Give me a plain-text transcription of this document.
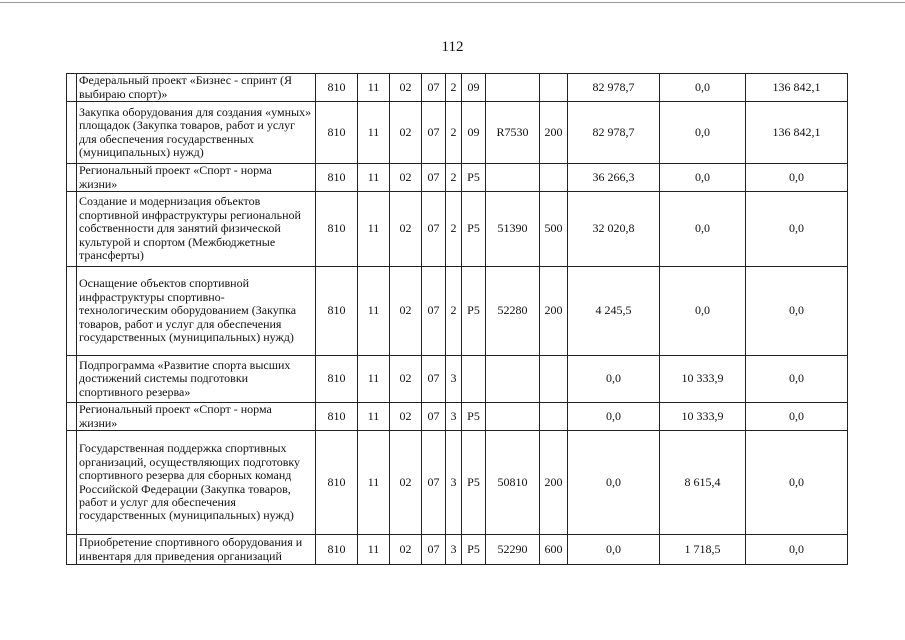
112
	Федеральный проект «Бизнес - спринт (Я выбираю спорт)»	810	11	02	07	2	09			82 978,7	0,0	136 842,1
	Закупка оборудования для создания «умных» площадок (Закупка товаров, работ и услуг для обеспечения государственных (муниципальных) нужд)	810	11	02	07	2	09	R7530	200	82 978,7	0,0	136 842,1
	Региональный проект «Спорт - норма жизни»	810	11	02	07	2	P5			36 266,3	0,0	0,0
	Создание и модернизация объектов спортивной инфраструктуры региональной собственности для занятий физической культурой и спортом (Межбюджетные трансферты)	810	11	02	07	2	P5	51390	500	32 020,8	0,0	0,0
	Оснащение объектов спортивной инфраструктуры спортивно-технологическим оборудованием (Закупка товаров, работ и услуг для обеспечения государственных (муниципальных) нужд)	810	11	02	07	2	P5	52280	200	4 245,5	0,0	0,0
	Подпрограмма «Развитие спорта высших достижений системы подготовки спортивного резерва»	810	11	02	07	3				0,0	10 333,9	0,0
	Региональный проект «Спорт - норма жизни»	810	11	02	07	3	P5			0,0	10 333,9	0,0
	Государственная поддержка спортивных организаций, осуществляющих подготовку спортивного резерва для сборных команд Российской Федерации (Закупка товаров, работ и услуг для обеспечения государственных (муниципальных) нужд)	810	11	02	07	3	P5	50810	200	0,0	8 615,4	0,0
	Приобретение спортивного оборудования и инвентаря для приведения организаций	810	11	02	07	3	P5	52290	600	0,0	1 718,5	0,0
